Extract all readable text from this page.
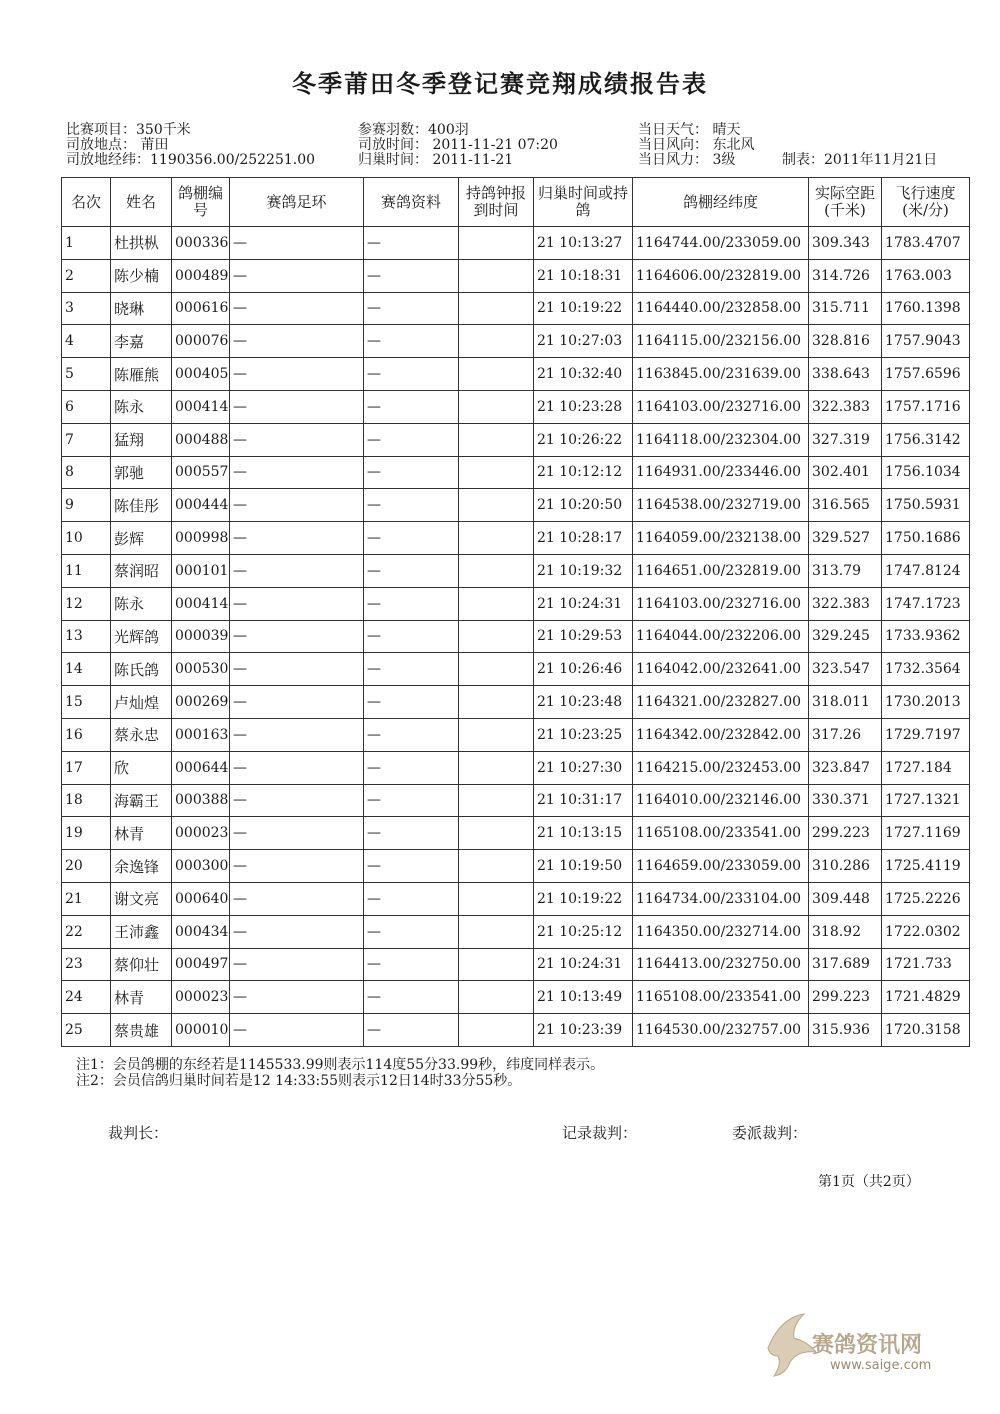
冬季莆田冬季登记赛竞翔成绩报告表
比赛项目：350千米
司放地点： 莆田
司放地经纬：1190356.00/252251.00
参赛羽数：400羽
司放时间： 2011-11-21 07:20
归巢时间： 2011-11-21
当日天气： 晴天
当日风向： 东北风
当日风力： 3级	制表：2011年11月21日
名次	姓名	鸽棚编号	赛鸽足环	赛鸽资料	持鸽钟报到时间	归巢时间或持鸽	鸽棚经纬度	实际空距(千米)	飞行速度(米/分)
1	杜拱枞	000336	—	—		21 10:13:27	1164744.00/233059.00	309.343	1783.4707
2	陈少楠	000489	—	—		21 10:18:31	1164606.00/232819.00	314.726	1763.003
3	晓琳	000616	—	—		21 10:19:22	1164440.00/232858.00	315.711	1760.1398
4	李嘉	000076	—	—		21 10:27:03	1164115.00/232156.00	328.816	1757.9043
5	陈雁熊	000405	—	—		21 10:32:40	1163845.00/231639.00	338.643	1757.6596
6	陈永	000414	—	—		21 10:23:28	1164103.00/232716.00	322.383	1757.1716
7	猛翔	000488	—	—		21 10:26:22	1164118.00/232304.00	327.319	1756.3142
8	郭驰	000557	—	—		21 10:12:12	1164931.00/233446.00	302.401	1756.1034
9	陈佳彤	000444	—	—		21 10:20:50	1164538.00/232719.00	316.565	1750.5931
10	彭辉	000998	—	—		21 10:28:17	1164059.00/232138.00	329.527	1750.1686
11	蔡润昭	000101	—	—		21 10:19:32	1164651.00/232819.00	313.79	1747.8124
12	陈永	000414	—	—		21 10:24:31	1164103.00/232716.00	322.383	1747.1723
13	光辉鸽	000039	—	—		21 10:29:53	1164044.00/232206.00	329.245	1733.9362
14	陈氏鸽	000530	—	—		21 10:26:46	1164042.00/232641.00	323.547	1732.3564
15	卢灿煌	000269	—	—		21 10:23:48	1164321.00/232827.00	318.011	1730.2013
16	蔡永忠	000163	—	—		21 10:23:25	1164342.00/232842.00	317.26	1729.7197
17	欣	000644	—	—		21 10:27:30	1164215.00/232453.00	323.847	1727.184
18	海霸王	000388	—	—		21 10:31:17	1164010.00/232146.00	330.371	1727.1321
19	林青	000023	—	—		21 10:13:15	1165108.00/233541.00	299.223	1727.1169
20	余逸锋	000300	—	—		21 10:19:50	1164659.00/233059.00	310.286	1725.4119
21	谢文亮	000640	—	—		21 10:19:22	1164734.00/233104.00	309.448	1725.2226
22	王沛鑫	000434	—	—		21 10:25:12	1164350.00/232714.00	318.92	1722.0302
23	蔡仰壮	000497	—	—		21 10:24:31	1164413.00/232750.00	317.689	1721.733
24	林青	000023	—	—		21 10:13:49	1165108.00/233541.00	299.223	1721.4829
25	蔡贵雄	000010	—	—		21 10:23:39	1164530.00/232757.00	315.936	1720.3158
注1：会员鸽棚的东经若是1145533.99则表示114度55分33.99秒，纬度同样表示。
注2：会员信鸽归巢时间若是12 14:33:55则表示12日14时33分55秒。
裁判长：	记录裁判：	委派裁判：
第1页（共2页）
赛鸽资讯网
www.saige.com
